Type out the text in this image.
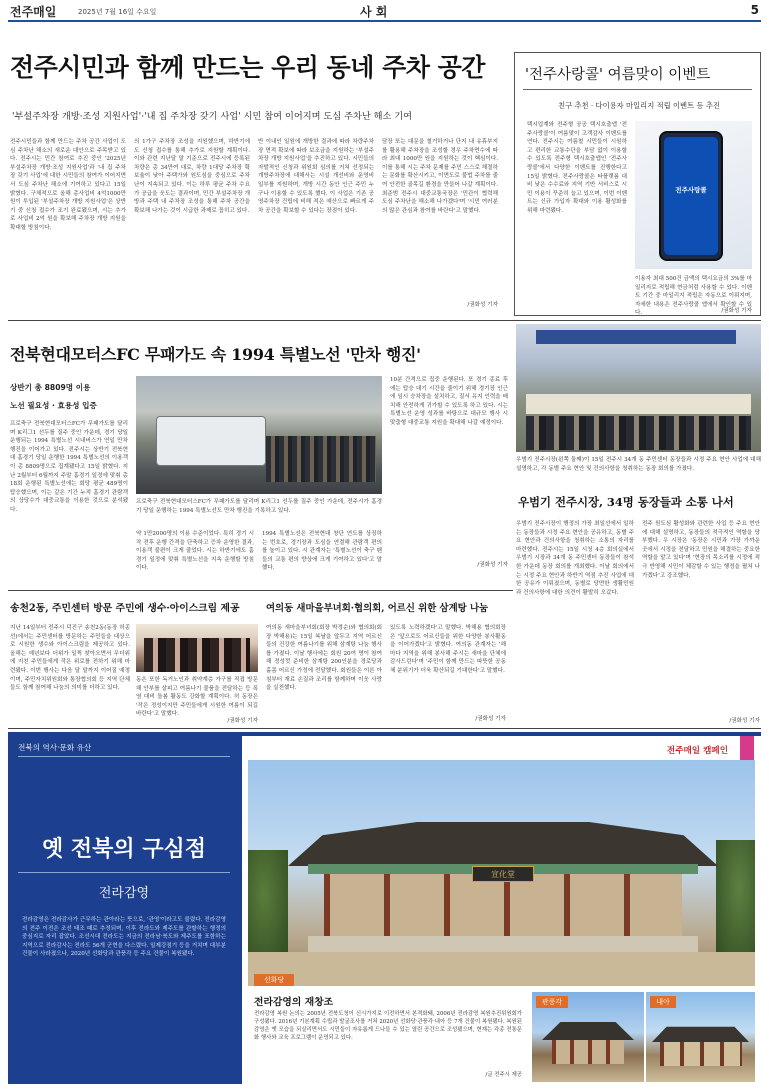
전주매일	2025년 7월 16일 수요일	사 회	5
전주시민과 함께 만드는 우리 동네 주차 공간
'부설주차장 개방·조성 지원사업'·'내 집 주차장 갖기 사업' 시민 참여 이어지며 도심 주차난 해소 기여
전주시민들과 함께 만드는 주차 공간 사업이 도심 주차난 해소의 새로운 대안으로 주목받고 있다. 전주시는 민간 참여로 추진 중인 '2025년 부설주차장 개방·조성 지원사업'과 '내 집 주차장 갖기 사업'에 대한 시민들의 참여가 이어지면서 도심 주차난 해소에 기여하고 있다고 15일 밝혔다. 구체적으로 올해 총사업비 4억1000만 원이 투입된 '부설주차장 개방 지원사업'은 상반기 중 신청 접수가 조기 완료됐으며, 시는 추가로 사업비 2억 원을 확보해 주차장 개방 지원을 확대할 방침이다.
의 1가구 주차장 조성을 지원했으며, 하반기에도 신청 접수를 통해 추가로 지원할 계획이다. 이와 관련 지난달 말 기준으로 전주시에 등록된 차량은 총 34만여 대로, 차량 1대당 주차장 확보율이 낮아 주택가와 원도심을 중심으로 주차난이 지속되고 있다. 이는 하루 평균 주차 수요가 공급을 웃도는 결과이며, 민간 부설주차장 개방과 주택 내 주차장 조성을 통해 주차 공간을 확보해 나가는 것이 시급한 과제로 꼽히고 있다.
반 이내인 일원에 개방한 결과에 따라 차량주차장 면적 확보에 따라 보조금을 지원하는 '부설주차장 개방 지원사업'을 추진하고 있다. 시민들의 자발적인 신청과 위원회 심의를 거쳐 선정되는 개방주차장에 대해서는 시설 개선비와 운영비 일부를 지원하며, 개방 시간 동안 인근 주민 누구나 이용할 수 있도록 했다. 이 사업은 기존 공영주차장 건립에 비해 적은 예산으로 빠르게 주차 공간을 확보할 수 있다는 장점이 있다.
담장 또는 대문을 철거하거나 단지 내 유휴부지를 활용해 주차장을 조성할 경우 주차면수에 따라 최대 1000만 원을 지원하는 것이 핵심이다. 이를 통해 시는 주차 문제를 주민 스스로 해결하는 문화를 확산시키고, 이면도로 불법 주차를 줄여 안전한 골목길 환경을 만들어 나갈 계획이다. 최준범 전주시 대중교통국장은 '민관이 협력해 도심 주차난을 해소해 나가겠다'며 '시민 여러분의 많은 관심과 참여를 바란다'고 말했다.
/권화성 기자
'전주사랑콜' 여름맞이 이벤트
친구 추천 · 다이용자 마일리지 적립 이벤트 등 추진
택시업계와 전주형 공공 택시호출앱 '전주사랑콜'이 여름맞이 고객감사 이벤트를 연다. 전주시는 여름철 시민들이 시원하고 편리한 교통수단을 부담 없이 이용할 수 있도록 전주형 택시호출앱인 '전주사랑콜'에서 다양한 이벤트를 진행한다고 15일 밝혔다. 전주사랑콜은 타플랫폼 대비 낮은 수수료와 지역 기반 서비스로 시민 이용이 꾸준히 늘고 있으며, 이번 이벤트는 신규 가입자 확대와 이용 활성화를 위해 마련됐다.
전주사랑콜
이용자 최대 500건 금액의 택시요금의 3%를 마일리지로 적립해 현금처럼 사용할 수 있다. 이벤트 기간 중 마일리지 적립은 자동으로 이뤄지며, 자세한 내용은 전주사랑콜 앱에서 확인할 수 있다.	/권화성 기자
전북현대모터스FC 무패가도 속 1994 특별노선 '만차 행진'
상반기 총 8809명 이용
노선 필요성 · 효용성 입증
프로축구 전북현대모터스FC가 무패가도를 달리며 K리그1 선두를 질주 중인 가운데, 경기 당일 운행되는 1994 특별노선 시내버스가 연일 만차 행진을 이어가고 있다. 전주시는 상반기 전북현대 홈경기 당일 운행한 1994 특별노선의 이용객이 총 8809명으로 집계됐다고 15일 밝혔다. 지난 2월부터 6월까지 주말 홈경기 일정에 맞춰 총 18회 운행된 특별노선에는 회당 평균 489명이 탑승했으며, 이는 같은 기간 누적 홈경기 관람객의 상당수가 대중교통을 이용한 것으로 분석됐다.
프로축구 전북현대모터스FC가 무패가도를 달리며 K리그1 선두를 질주 중인 가운데, 전주시가 홈경기 당일 운행하는 1994 특별노선도 만차 행진을 기록하고 있다.
약 1만2000명의 이용 수준이었다. 특히 경기 시작 전후 운행 간격을 단축하고 증차 운영한 결과, 이용객 불편이 크게 줄었다. 시는 하반기에도 홈경기 일정에 맞춰 특별노선을 지속 운행할 방침이다.
1994 특별노선은 전북현대 창단 연도를 상징하는 번호로, 경기장과 도심을 연결해 관람객 편의를 높이고 있다. 시 관계자는 '특별노선이 축구 팬들의 교통 편의 향상에 크게 기여하고 있다'고 말했다.
10분 간격으로 집중 운행된다. 또 경기 종료 후에는 탑승 대기 시간을 줄이기 위해 경기장 인근에 임시 승차장을 설치하고, 질서 유지 인력을 배치해 안전하게 귀가할 수 있도록 하고 있다. 시는 특별노선 운영 성과를 바탕으로 대규모 행사 시 맞춤형 대중교통 지원을 확대해 나갈 예정이다.
/권화성 기자
우범기 전주시장(왼쪽 둘째)이 15일 전주시 34개 동 주민센터 동장들과 시정 주요 현안 사업에 대해 설명하고, 각 동별 주요 현안 및 건의사항을 청취하는 동장 회의를 가졌다.
우범기 전주시장, 34명 동장들과 소통 나서
우범기 전주시장이 행정의 가장 최일선에서 일하는 동장들과 시정 주요 현안을 공유하고, 동별 주요 현안과 건의사항을 청취하는 소통의 자리를 마련했다. 전주시는 15일 시청 4층 회의실에서 우범기 시장과 34개 동 주민센터 동장들이 참석한 가운데 동장 회의를 개최했다. 이날 회의에서는 시정 주요 현안과 하반기 역점 추진 사업에 대한 공유가 이뤄졌으며, 동별로 당면한 생활민원과 건의사항에 대한 의견이 활발히 오갔다.
전주 원도심 활성화와 관련한 사업 등 주요 현안에 대해 설명하고, 동장들의 적극적인 역할을 당부했다. 우 시장은 '동장은 시민과 가장 가까운 곳에서 시정을 전달하고 민원을 해결하는 중요한 역할을 맡고 있다'며 '현장의 목소리를 시정에 적극 반영해 시민이 체감할 수 있는 행정을 펼쳐 나가겠다'고 강조했다.
/권화성 기자
송천2동, 주민센터 방문 주민에 생수·아이스크림 제공
지난 14일부터 전주시 덕진구 송천2동(동장 허종선)에서는 주민센터를 방문하는 주민들을 대상으로 시원한 생수와 아이스크림을 제공하고 있다. 올해는 예년보다 더위가 일찍 찾아오면서 무더위에 지친 주민들에게 작은 위로를 전하기 위해 마련됐다. 이번 행사는 다음 달 말까지 이어질 예정이며, 주민자치위원회와 통장협의회 등 지역 단체들도 함께 참여해 나눔의 의미를 더하고 있다.
동은 또한 독거노인과 취약계층 가구를 직접 방문해 안부를 살피고 여름나기 물품을 전달하는 등 폭염 대비 돌봄 활동도 강화할 계획이다. 허 동장은 '작은 정성이지만 주민들에게 시원한 여름이 되길 바란다'고 말했다.
/권화성 기자
여의동 새마을부녀회·협의회, 어르신 위한 삼계탕 나눔
여의동 새마을부녀회(회장 박경순)와 협의회(회장 박해용)는 15일 복날을 앞두고 지역 어르신들의 건강한 여름나기를 위해 삼계탕 나눔 행사를 가졌다. 이날 행사에는 회원 20여 명이 참여해 정성껏 준비한 삼계탕 200인분을 경로당과 홀몸 어르신 가정에 전달했다. 회원들은 이른 아침부터 재료 손질과 조리를 함께하며 이웃 사랑을 실천했다.
있도록 노력하겠다'고 말했다. 박해용 협의회장은 '앞으로도 어르신들을 위한 다양한 봉사활동을 이어가겠다'고 밝혔다. 여의동 관계자는 '해마다 지역을 위해 봉사해 주시는 새마을 단체에 감사드린다'며 '주민이 함께 만드는 따뜻한 공동체 분위기가 더욱 확산되길 기대한다'고 말했다.
/권화성 기자
전북의 역사·문화 유산
옛 전북의 구심점
전라감영
전라감영은 전라감사가 근무하는 관아라는 뜻으로, '관영'이라고도 불렸다. 전라감영의 전주 이전은 조선 태조 때로 추정되며, 이후 전라도와 제주도를 관할하는 행정의 중심지로 자리 잡았다. 조선시대 전라도는 지금의 전라남·북도와 제주도를 포함하는 지역으로 전라감사는 전라도 56개 군현을 다스렸다. 일제강점기 등을 거치며 대부분 건물이 사라졌으나, 2020년 선화당과 관풍각 등 주요 건물이 복원됐다.
전주매일 캠페인
宣化堂
선화당
전라감영의 재창조
전라감영 복원 논의는 2005년 전북도청이 신시가지로 이전하면서 본격화돼, 2006년 전라감영 복원추진위원회가 구성됐다. 2016년 기본계획 수립과 발굴조사를 거쳐 2020년 선화당·관풍각·내아 등 7개 건물이 복원됐다. 복원된 감영은 옛 모습을 되살리면서도 시민들이 자유롭게 드나들 수 있는 열린 공간으로 조성됐으며, 현재는 각종 전통문화 행사와 교육 프로그램이 운영되고 있다.
/글 전주시 제공
관풍각	내아
